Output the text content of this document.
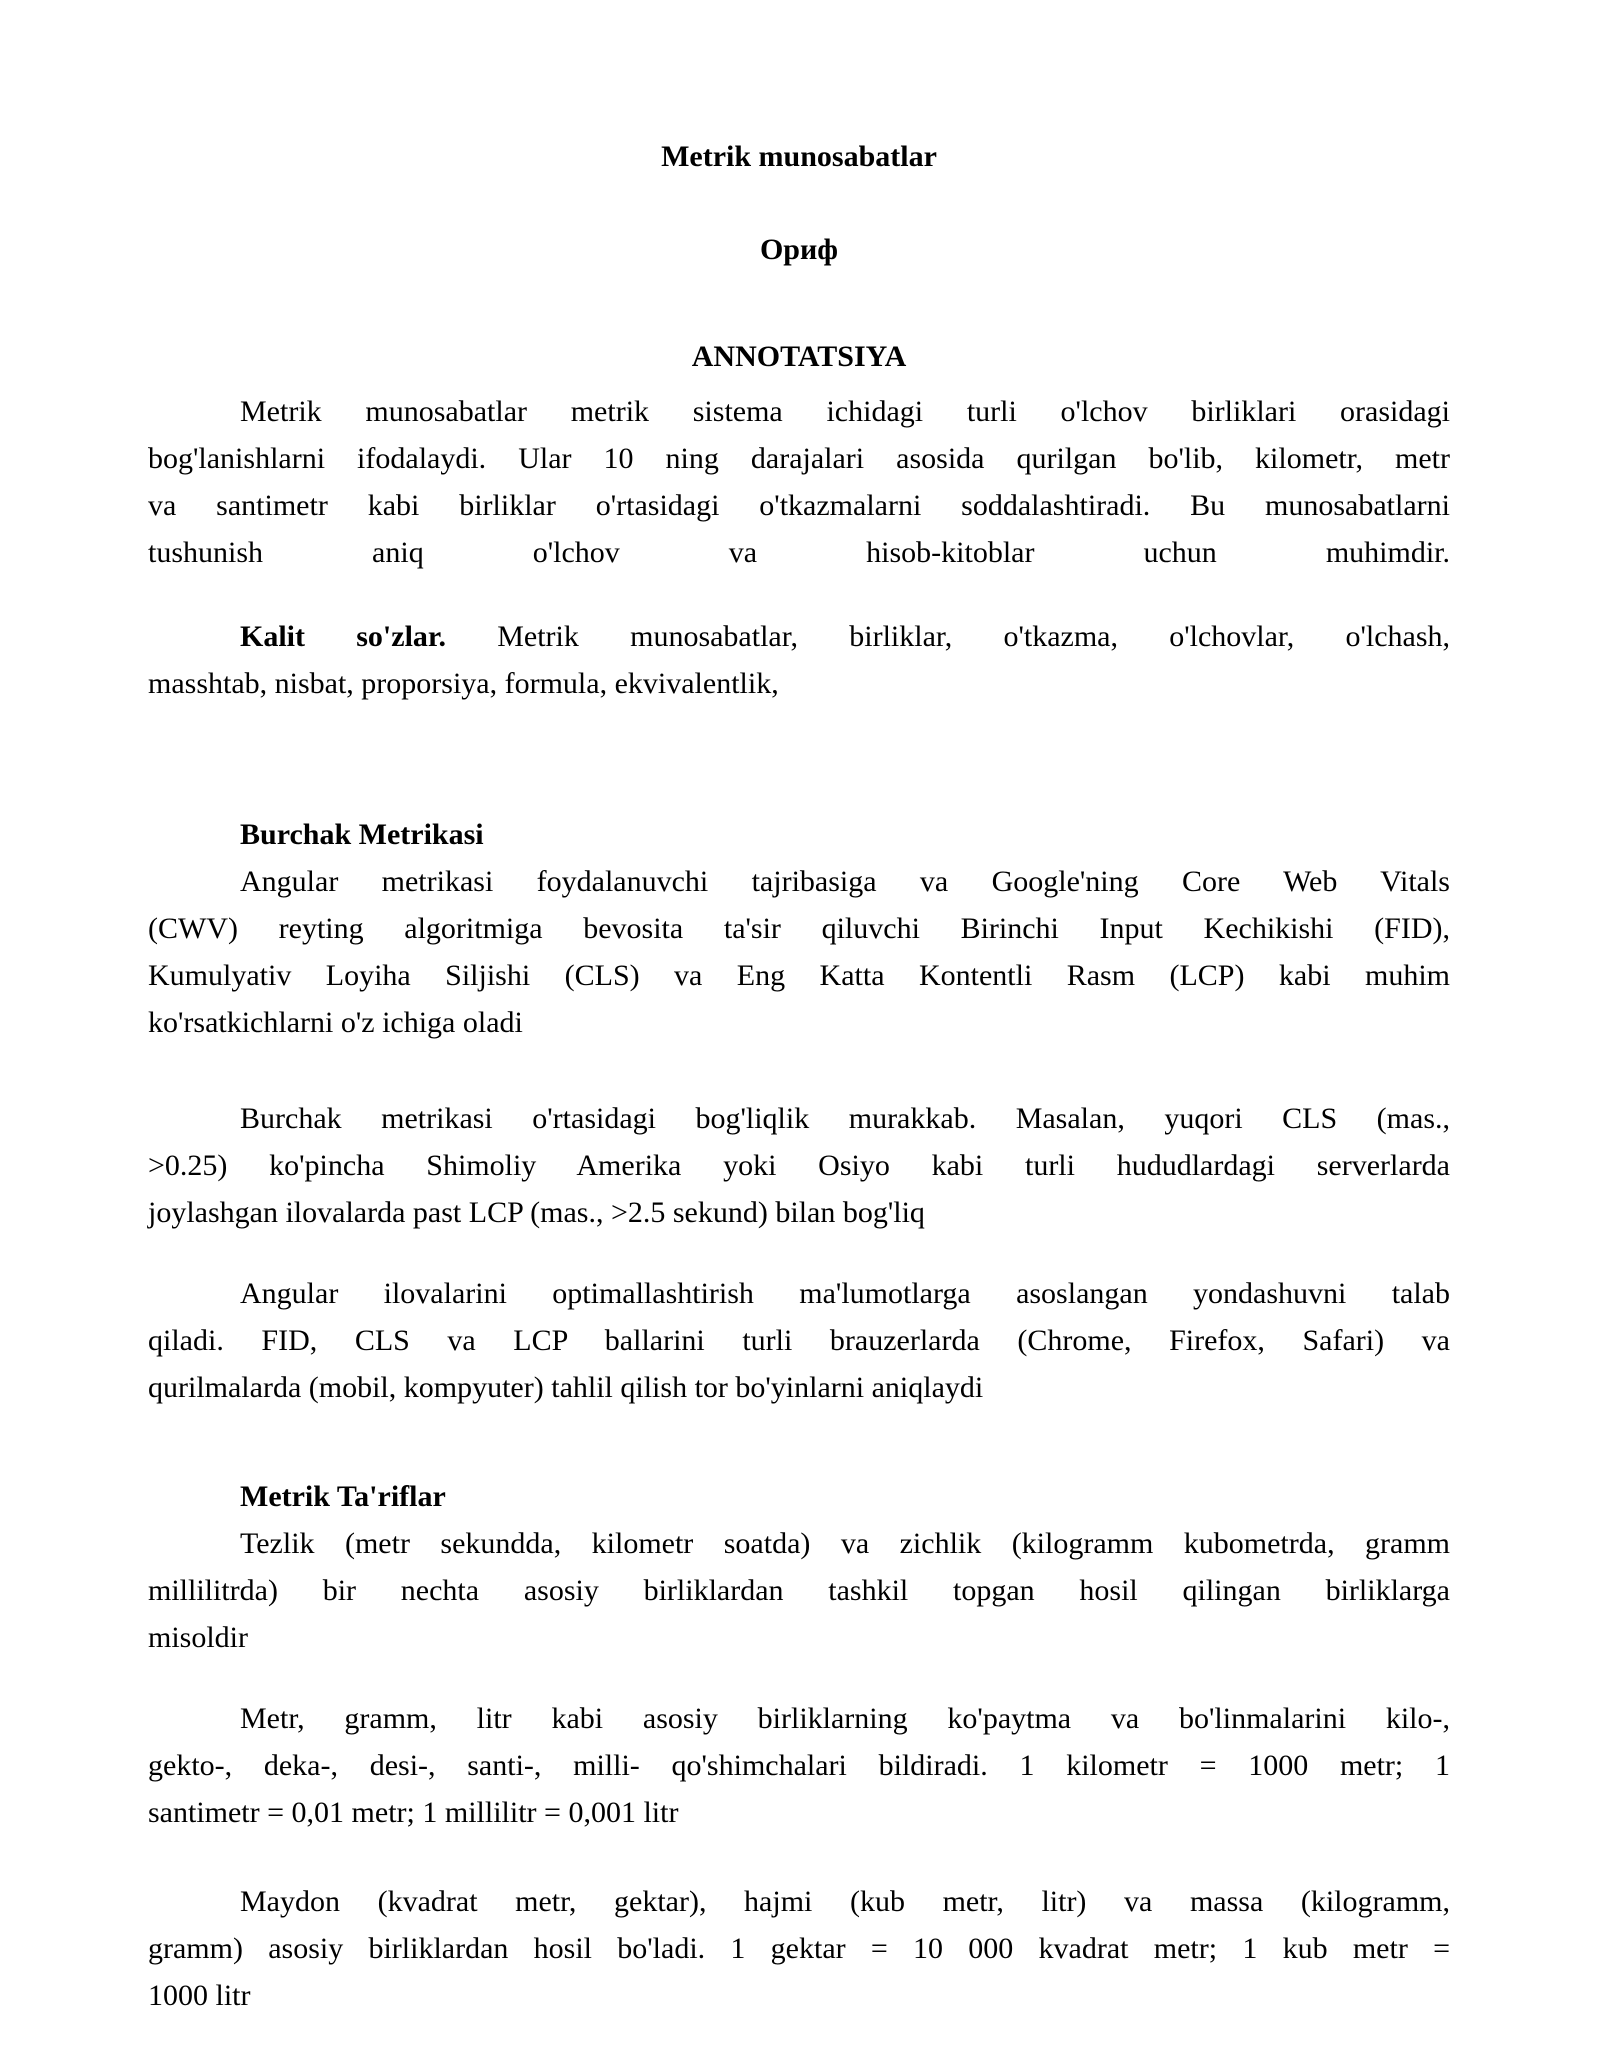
Metrik munosabatlar
Ориф
ANNOTATSIYA
Metrik munosabatlar metrik sistema ichidagi turli o'lchov birliklari orasidagi
bog'lanishlarni ifodalaydi. Ular 10 ning darajalari asosida qurilgan bo'lib, kilometr, metr
va santimetr kabi birliklar o'rtasidagi o'tkazmalarni soddalashtiradi. Bu munosabatlarni
tushunish aniq o'lchov va hisob-kitoblar uchun muhimdir.
Kalit so'zlar. Metrik munosabatlar, birliklar, o'tkazma, o'lchovlar, o'lchash,
masshtab, nisbat, proporsiya, formula, ekvivalentlik,
Burchak Metrikasi
Angular metrikasi foydalanuvchi tajribasiga va Google'ning Core Web Vitals
(CWV) reyting algoritmiga bevosita ta'sir qiluvchi Birinchi Input Kechikishi (FID),
Kumulyativ Loyiha Siljishi (CLS) va Eng Katta Kontentli Rasm (LCP) kabi muhim
ko'rsatkichlarni o'z ichiga oladi
Burchak metrikasi o'rtasidagi bog'liqlik murakkab. Masalan, yuqori CLS (mas.,
>0.25) ko'pincha Shimoliy Amerika yoki Osiyo kabi turli hududlardagi serverlarda
joylashgan ilovalarda past LCP (mas., >2.5 sekund) bilan bog'liq
Angular ilovalarini optimallashtirish ma'lumotlarga asoslangan yondashuvni talab
qiladi. FID, CLS va LCP ballarini turli brauzerlarda (Chrome, Firefox, Safari) va
qurilmalarda (mobil, kompyuter) tahlil qilish tor bo'yinlarni aniqlaydi
Metrik Ta'riflar
Tezlik (metr sekundda, kilometr soatda) va zichlik (kilogramm kubometrda, gramm
millilitrda) bir nechta asosiy birliklardan tashkil topgan hosil qilingan birliklarga
misoldir
Metr, gramm, litr kabi asosiy birliklarning ko'paytma va bo'linmalarini kilo-,
gekto-, deka-, desi-, santi-, milli- qo'shimchalari bildiradi. 1 kilometr = 1000 metr; 1
santimetr = 0,01 metr; 1 millilitr = 0,001 litr
Maydon (kvadrat metr, gektar), hajmi (kub metr, litr) va massa (kilogramm,
gramm) asosiy birliklardan hosil bo'ladi. 1 gektar = 10 000 kvadrat metr; 1 kub metr =
1000 litr
